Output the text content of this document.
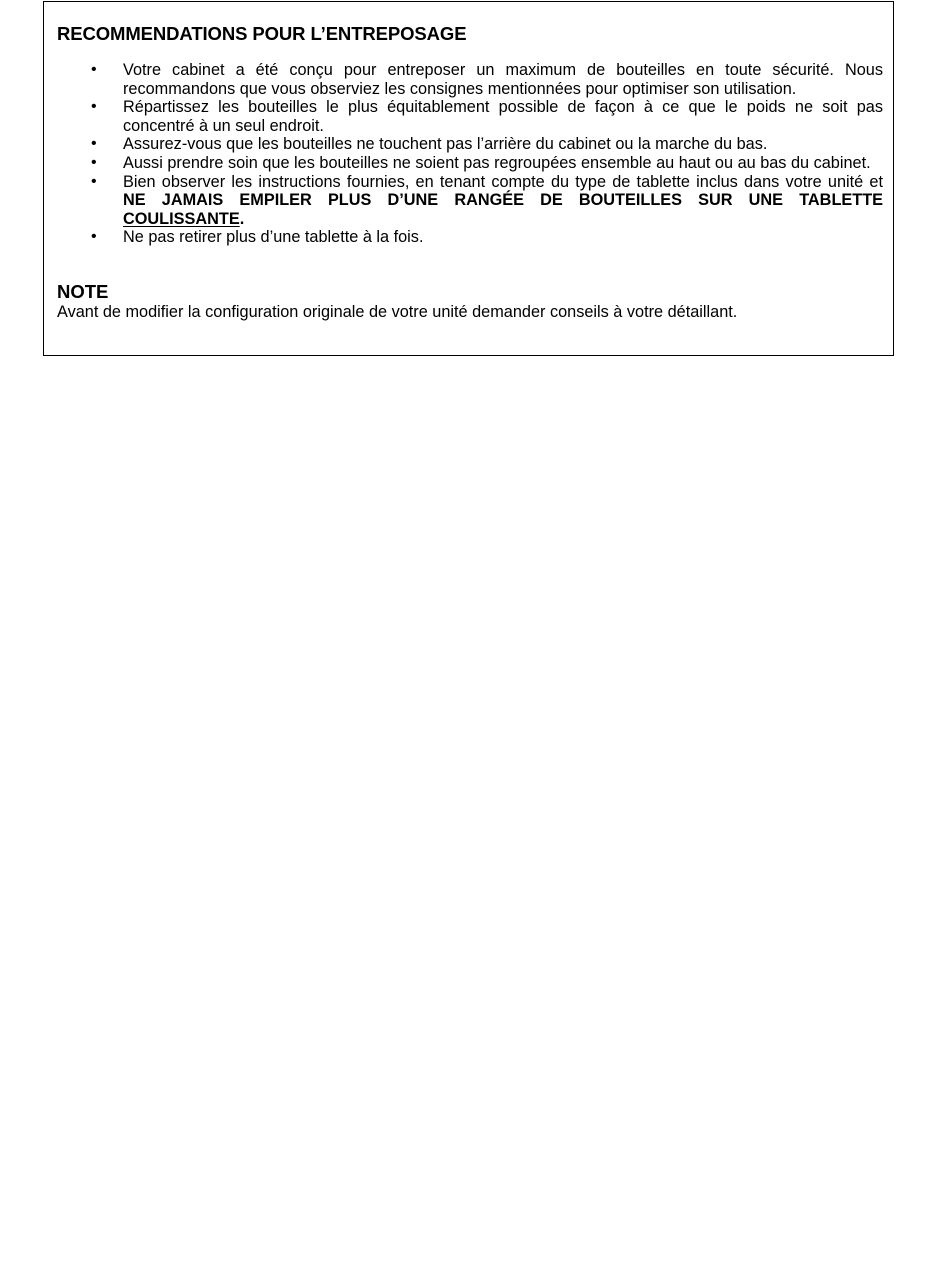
RECOMMENDATIONS POUR L’ENTREPOSAGE
• Votre cabinet a été conçu pour entreposer un maximum de bouteilles en toute sécurité. Nous recommandons que vous observiez les consignes mentionnées pour optimiser son utilisation.
• Répartissez les bouteilles le plus équitablement possible de façon à ce que le poids ne soit pas concentré à un seul endroit.
• Assurez-vous que les bouteilles ne touchent pas l’arrière du cabinet ou la marche du bas.
• Aussi prendre soin que les bouteilles ne soient pas regroupées ensemble au haut ou au bas du cabinet.
• Bien observer les instructions fournies, en tenant compte du type de tablette inclus dans votre unité et NE JAMAIS EMPILER PLUS D’UNE RANGÉE DE BOUTEILLES SUR UNE TABLETTE COULISSANTE.
• Ne pas retirer plus d’une tablette à la fois.
NOTE

Avant de modifier la configuration originale de votre unité demander conseils à votre détaillant.
